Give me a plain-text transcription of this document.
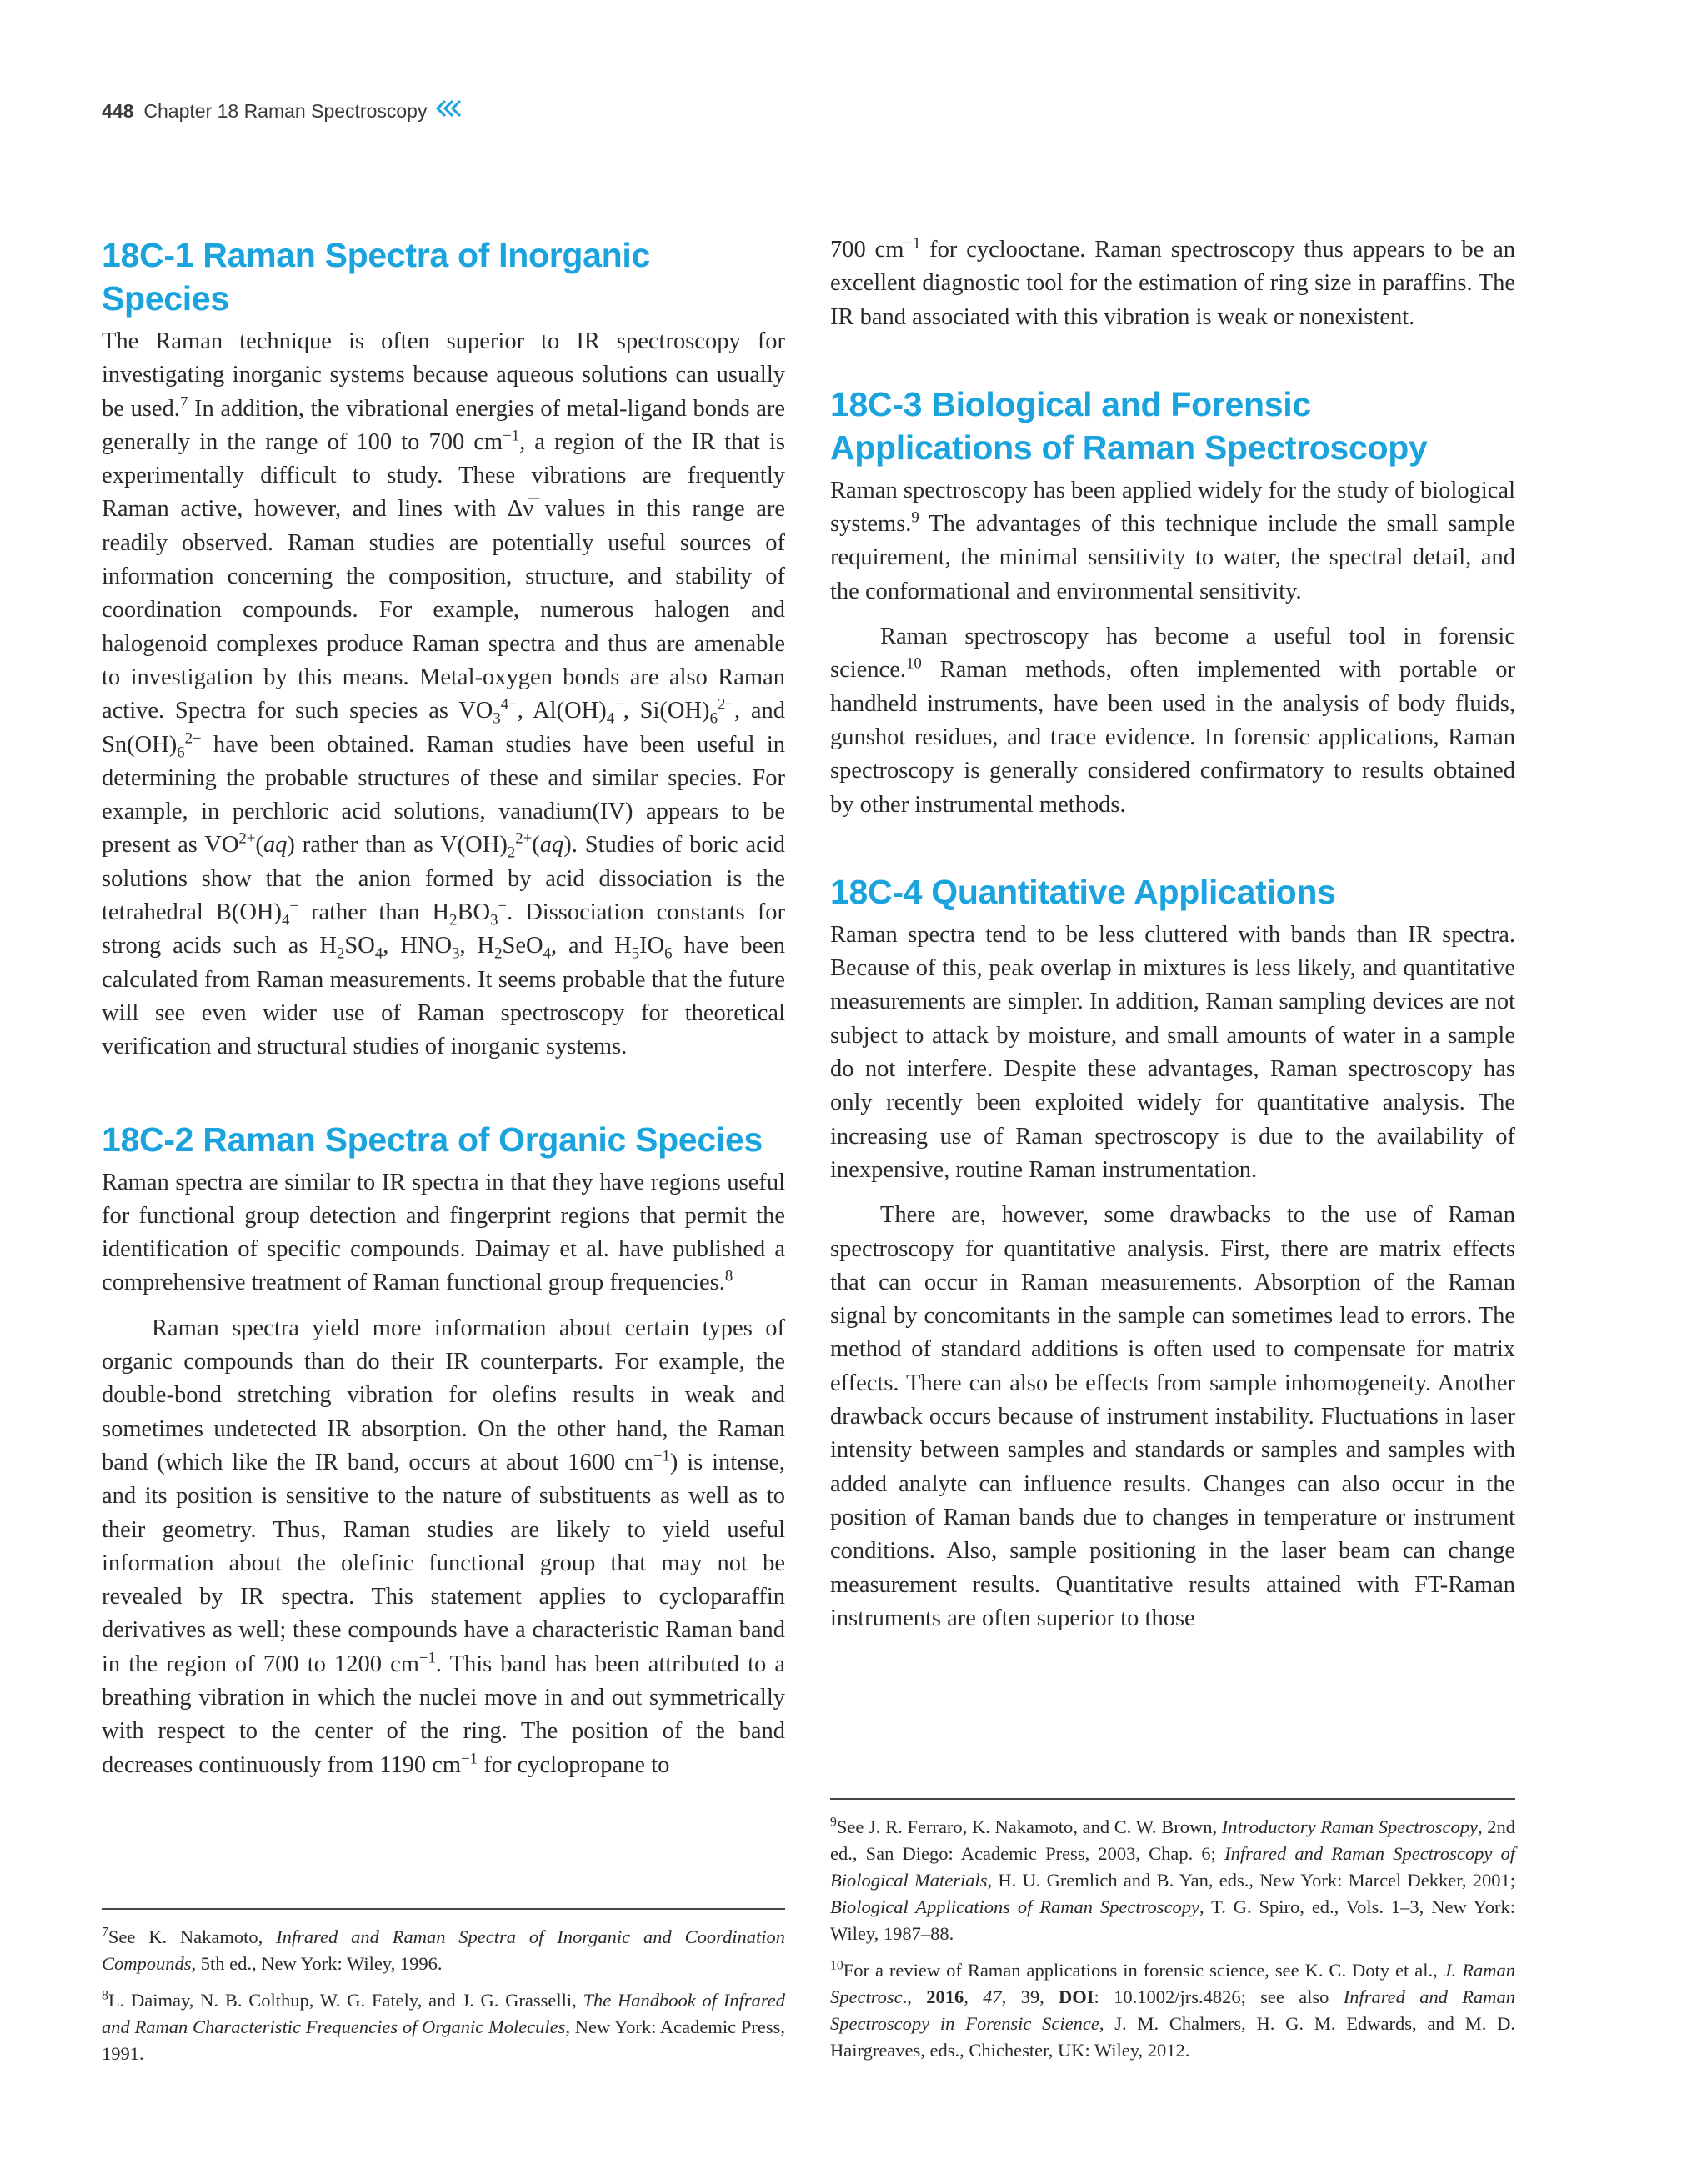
448 Chapter 18 Raman Spectroscopy
18C-1 Raman Spectra of Inorganic Species

The Raman technique is often superior to IR spectroscopy for investigating inorganic systems because aqueous solutions can usually be used.$^7$ In addition, the vibrational energies of metal-ligand bonds are generally in the range of 100 to 700 $cm^{-1}$, a region of the IR that is experimentally difficult to study. These vibrations are frequently Raman active, however, and lines with Δν̅ values in this range are readily observed. Raman studies are potentially useful sources of information concerning the composition, structure, and stability of coordination compounds. For example, numerous halogen and halogenoid complexes produce Raman spectra and thus are amenable to investigation by this means. Metal-oxygen bonds are also Raman active. Spectra for such species as $VO_3^{4-}$, $Al(OH)_4^-$, $Si(OH)_6^{2-}$, and $Sn(OH)_6^{2-}$ have been obtained. Raman studies have been useful in determining the probable structures of these and similar species. For example, in perchloric acid solutions, vanadium(IV) appears to be present as $VO^{2+}(aq)$ rather than as $V(OH)_2^{2+}(aq)$. Studies of boric acid solutions show that the anion formed by acid dissociation is the tetrahedral $B(OH)_4^-$ rather than $H_2BO_3^-$. Dissociation constants for strong acids such as $H_2SO_4$, $HNO_3$, $H_2SeO_4$, and $H_5IO_6$ have been calculated from Raman measurements. It seems probable that the future will see even wider use of Raman spectroscopy for theoretical verification and structural studies of inorganic systems.

18C-2 Raman Spectra of Organic Species

Raman spectra are similar to IR spectra in that they have regions useful for functional group detection and fingerprint regions that permit the identification of specific compounds. Daimay et al. have published a comprehensive treatment of Raman functional group frequencies.$^8$

Raman spectra yield more information about certain types of organic compounds than do their IR counterparts. For example, the double-bond stretching vibration for olefins results in weak and sometimes undetected IR absorption. On the other hand, the Raman band (which like the IR band, occurs at about 1600 $cm^{-1}$) is intense, and its position is sensitive to the nature of substituents as well as to their geometry. Thus, Raman studies are likely to yield useful information about the olefinic functional group that may not be revealed by IR spectra. This statement applies to cycloparaffin derivatives as well; these compounds have a characteristic Raman band in the region of 700 to 1200 $cm^{-1}$. This band has been attributed to a breathing vibration in which the nuclei move in and out symmetrically with respect to the center of the ring. The position of the band decreases continuously from 1190 $cm^{-1}$ for cyclopropane to

700 $cm^{-1}$ for cyclooctane. Raman spectroscopy thus appears to be an excellent diagnostic tool for the estimation of ring size in paraffins. The IR band associated with this vibration is weak or nonexistent.

18C-3 Biological and Forensic Applications of Raman Spectroscopy

Raman spectroscopy has been applied widely for the study of biological systems.$^9$ The advantages of this technique include the small sample requirement, the minimal sensitivity to water, the spectral detail, and the conformational and environmental sensitivity.

Raman spectroscopy has become a useful tool in forensic science.$^{10}$ Raman methods, often implemented with portable or handheld instruments, have been used in the analysis of body fluids, gunshot residues, and trace evidence. In forensic applications, Raman spectroscopy is generally considered confirmatory to results obtained by other instrumental methods.

18C-4 Quantitative Applications

Raman spectra tend to be less cluttered with bands than IR spectra. Because of this, peak overlap in mixtures is less likely, and quantitative measurements are simpler. In addition, Raman sampling devices are not subject to attack by moisture, and small amounts of water in a sample do not interfere. Despite these advantages, Raman spectroscopy has only recently been exploited widely for quantitative analysis. The increasing use of Raman spectroscopy is due to the availability of inexpensive, routine Raman instrumentation.

There are, however, some drawbacks to the use of Raman spectroscopy for quantitative analysis. First, there are matrix effects that can occur in Raman measurements. Absorption of the Raman signal by concomitants in the sample can sometimes lead to errors. The method of standard additions is often used to compensate for matrix effects. There can also be effects from sample inhomogeneity. Another drawback occurs because of instrument instability. Fluctuations in laser intensity between samples and standards or samples and samples with added analyte can influence results. Changes can also occur in the position of Raman bands due to changes in temperature or instrument conditions. Also, sample positioning in the laser beam can change measurement results. Quantitative results attained with FT-Raman instruments are often superior to those

$^7$See K. Nakamoto, Infrared and Raman Spectra of Inorganic and Coordination Compounds, 5th ed., New York: Wiley, 1996.

$^8$L. Daimay, N. B. Colthup, W. G. Fately, and J. G. Grasselli, The Handbook of Infrared and Raman Characteristic Frequencies of Organic Molecules, New York: Academic Press, 1991.

$^9$See J. R. Ferraro, K. Nakamoto, and C. W. Brown, Introductory Raman Spectroscopy, 2nd ed., San Diego: Academic Press, 2003, Chap. 6; Infrared and Raman Spectroscopy of Biological Materials, H. U. Gremlich and B. Yan, eds., New York: Marcel Dekker, 2001; Biological Applications of Raman Spectroscopy, T. G. Spiro, ed., Vols. 1–3, New York: Wiley, 1987–88.

$^{10}$For a review of Raman applications in forensic science, see K. C. Doty et al., J. Raman Spectrosc., 2016, 47, 39, DOI: 10.1002/jrs.4826; see also Infrared and Raman Spectroscopy in Forensic Science, J. M. Chalmers, H. G. M. Edwards, and M. D. Hairgreaves, eds., Chichester, UK: Wiley, 2012.
